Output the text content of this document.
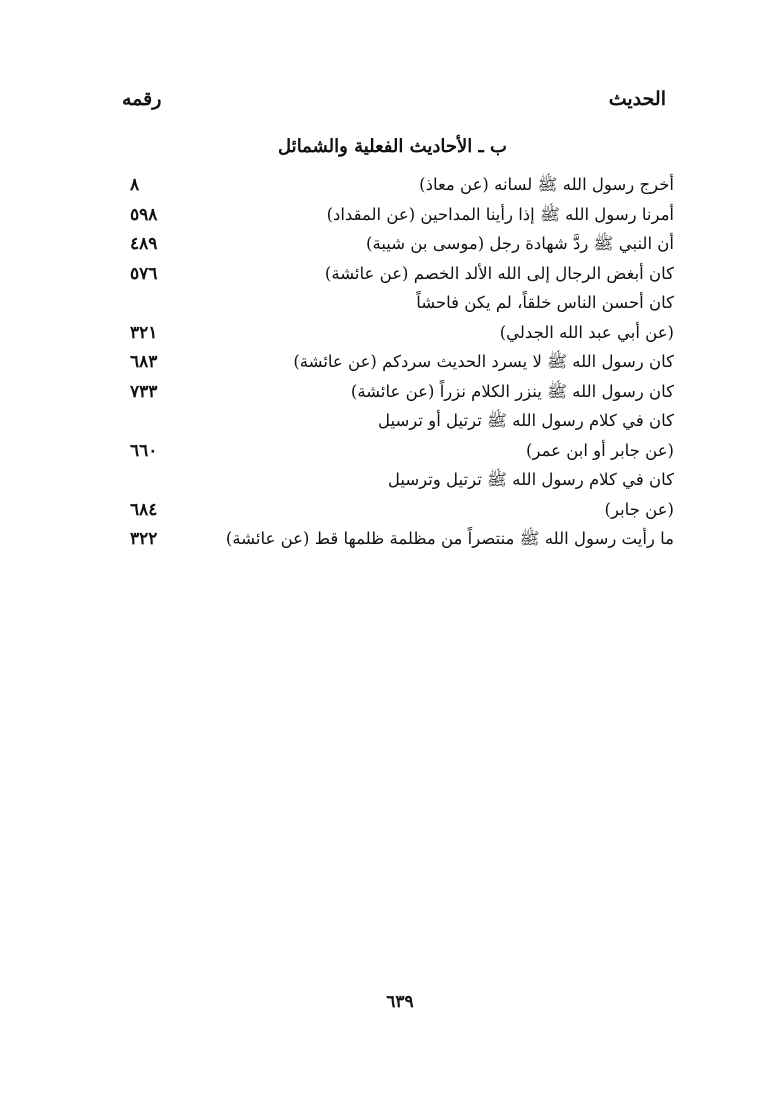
الحديث
رقمه
ب ـ الأحاديث الفعلية والشمائل
أخرج رسول الله ﷺ لسانه (عن معاذ)
٨
أمرنا رسول الله ﷺ إذا رأينا المداحين (عن المقداد)
٥٩٨
أن النبي ﷺ ردَّ شهادة رجل (موسى بن شيبة)
٤٨٩
كان أبغض الرجال إلى الله الألد الخصم (عن عائشة)
٥٧٦
كان أحسن الناس خلقاً، لم يكن فاحشاً
(عن أبي عبد الله الجدلي)
٣٢١
كان رسول الله ﷺ لا يسرد الحديث سردكم (عن عائشة)
٦٨٣
كان رسول الله ﷺ ينزر الكلام نزراً (عن عائشة)
٧٣٣
كان في كلام رسول الله ﷺ ترتيل أو ترسيل
(عن جابر أو ابن عمر)
٦٦٠
كان في كلام رسول الله ﷺ ترتيل وترسيل
(عن جابر)
٦٨٤
ما رأيت رسول الله ﷺ منتصراً من مظلمة ظلمها قط (عن عائشة)
٣٢٢
٦٣٩
